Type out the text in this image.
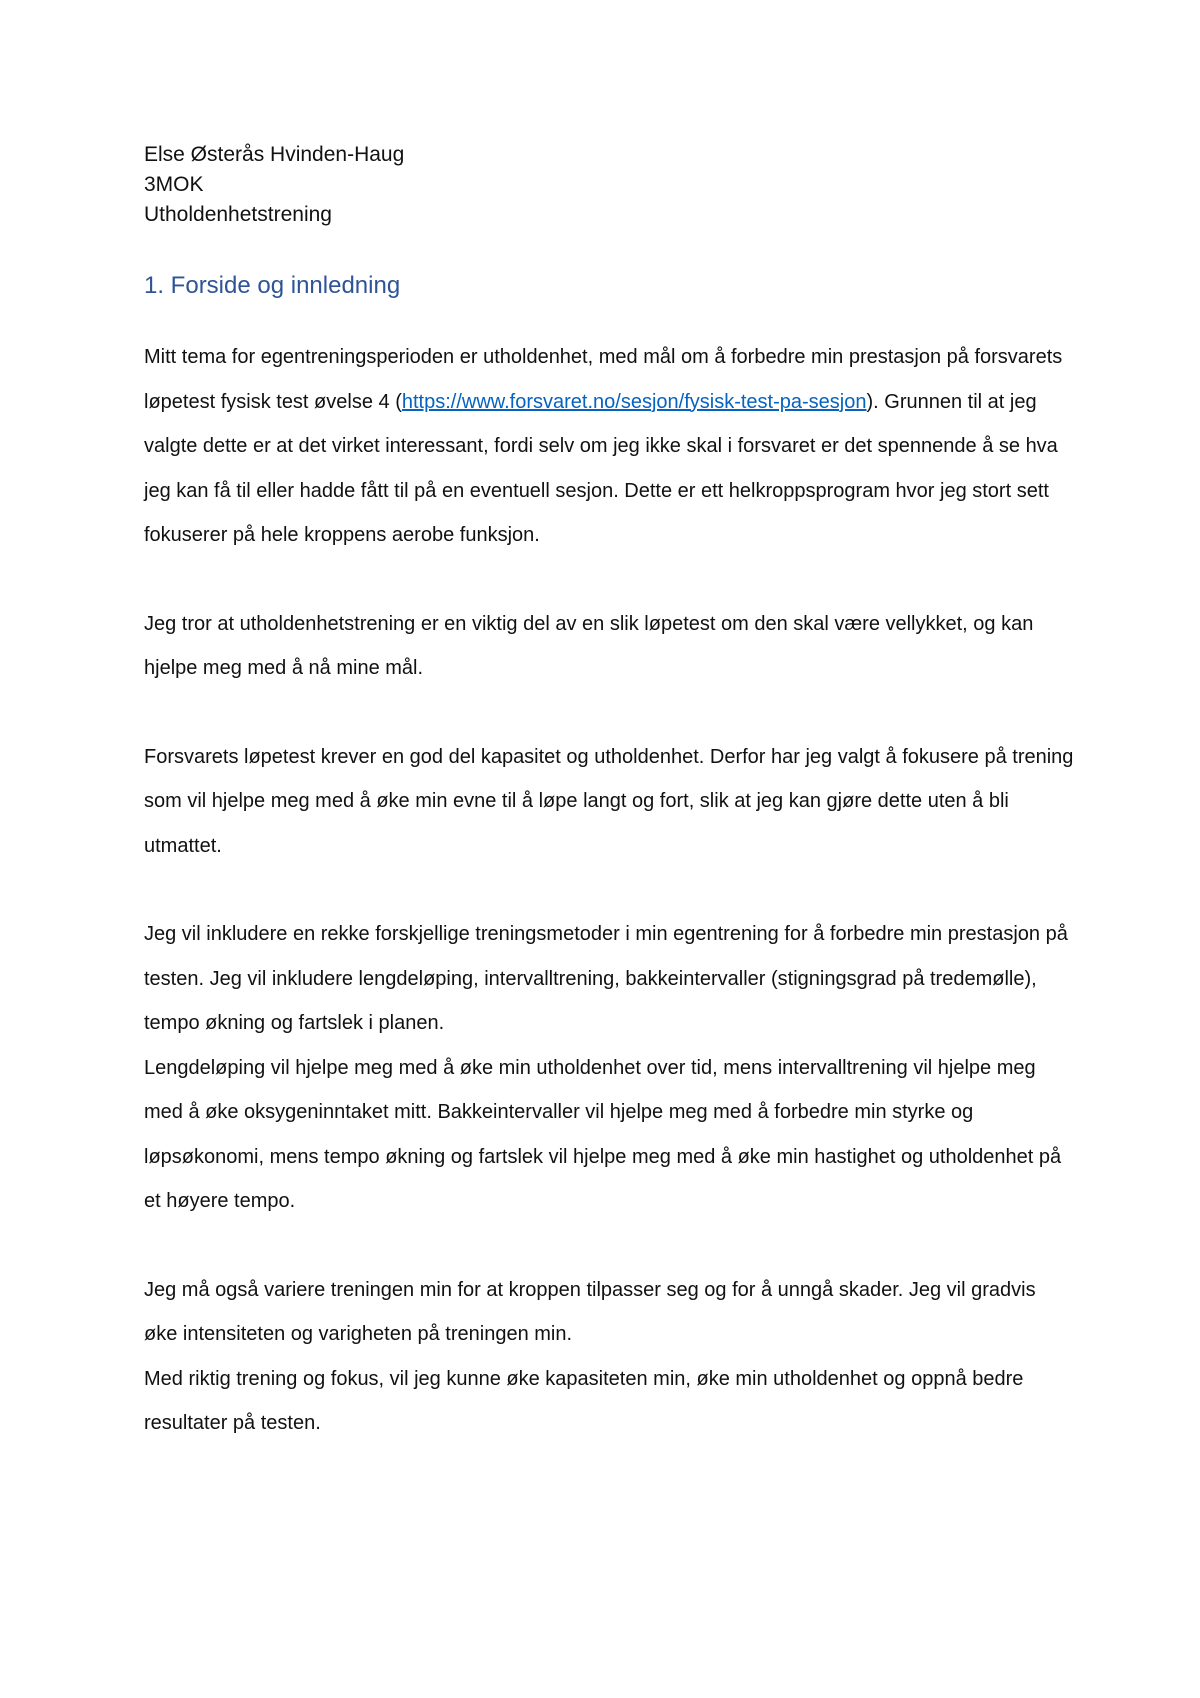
Else Østerås Hvinden-Haug

3MOK

Utholdenhetstrening

1. Forside og innledning

Mitt tema for egentreningsperioden er utholdenhet, med mål om å forbedre min prestasjon på forsvarets løpetest fysisk test øvelse 4 (https://www.forsvaret.no/sesjon/fysisk-test-pa-sesjon). Grunnen til at jeg valgte dette er at det virket interessant, fordi selv om jeg ikke skal i forsvaret er det spennende å se hva jeg kan få til eller hadde fått til på en eventuell sesjon. Dette er ett helkroppsprogram hvor jeg stort sett fokuserer på hele kroppens aerobe funksjon.

Jeg tror at utholdenhetstrening er en viktig del av en slik løpetest om den skal være vellykket, og kan hjelpe meg med å nå mine mål.

Forsvarets løpetest krever en god del kapasitet og utholdenhet. Derfor har jeg valgt å fokusere på trening som vil hjelpe meg med å øke min evne til å løpe langt og fort, slik at jeg kan gjøre dette uten å bli utmattet.

Jeg vil inkludere en rekke forskjellige treningsmetoder i min egentrening for å forbedre min prestasjon på testen. Jeg vil inkludere lengdeløping, intervalltrening, bakkeintervaller (stigningsgrad på tredemølle), tempo økning og fartslek i planen.

Lengdeløping vil hjelpe meg med å øke min utholdenhet over tid, mens intervalltrening vil hjelpe meg med å øke oksygeninntaket mitt. Bakkeintervaller vil hjelpe meg med å forbedre min styrke og løpsøkonomi, mens tempo økning og fartslek vil hjelpe meg med å øke min hastighet og utholdenhet på et høyere tempo.

Jeg må også variere treningen min for at kroppen tilpasser seg og for å unngå skader. Jeg vil gradvis øke intensiteten og varigheten på treningen min.

Med riktig trening og fokus, vil jeg kunne øke kapasiteten min, øke min utholdenhet og oppnå bedre resultater på testen.
